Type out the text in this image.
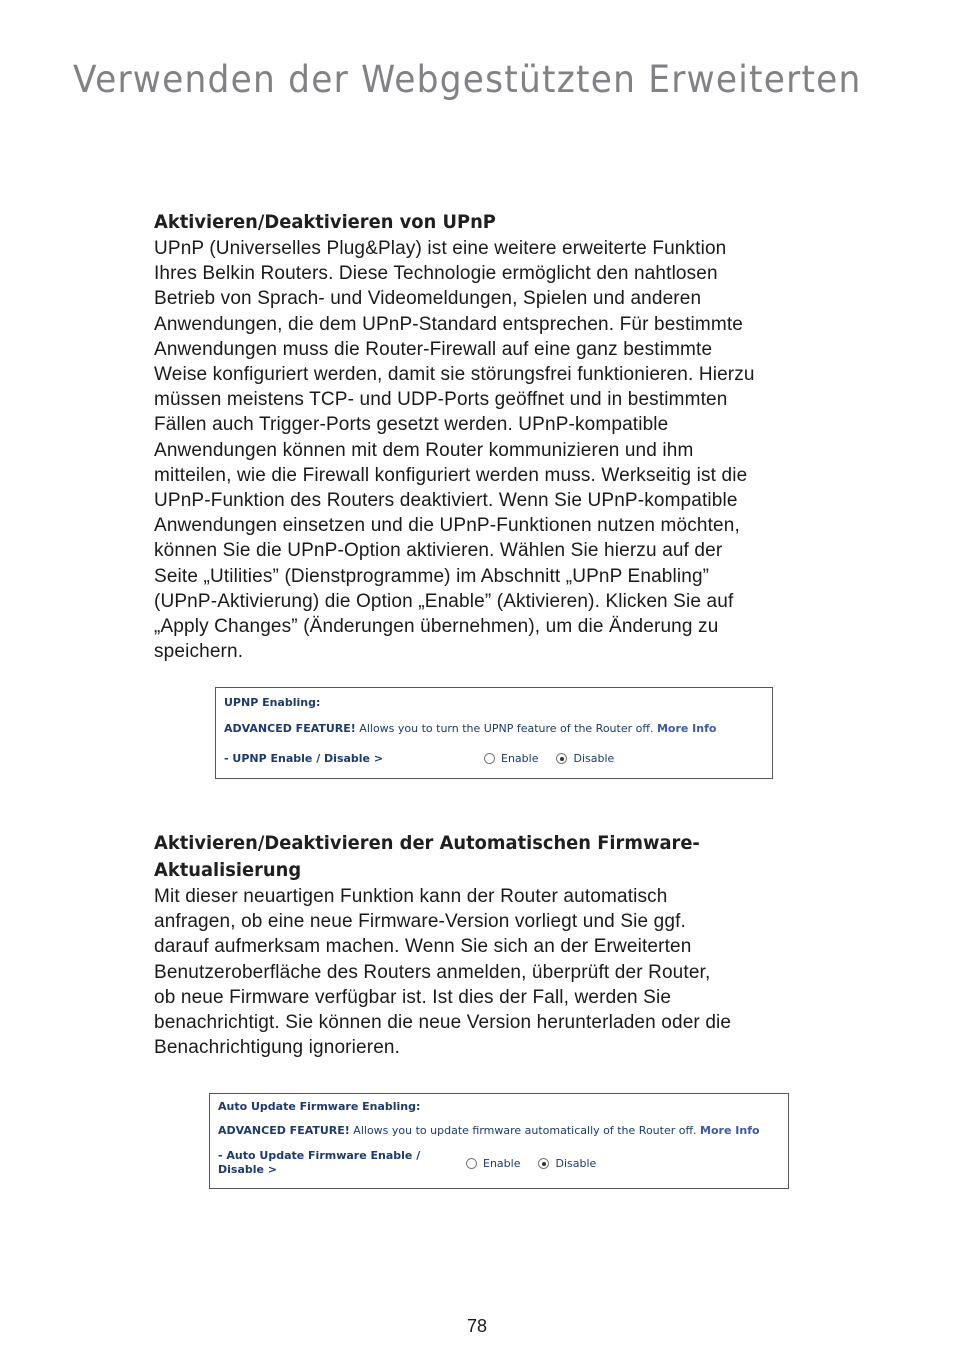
Verwenden der Webgestützten Erweiterten
Aktivieren/Deaktivieren von UPnP

UPnP (Universelles Plug&Play) ist eine weitere erweiterte Funktion
Ihres Belkin Routers. Diese Technologie ermöglicht den nahtlosen
Betrieb von Sprach- und Videomeldungen, Spielen und anderen
Anwendungen, die dem UPnP-Standard entsprechen. Für bestimmte
Anwendungen muss die Router-Firewall auf eine ganz bestimmte
Weise konfiguriert werden, damit sie störungsfrei funktionieren. Hierzu
müssen meistens TCP- und UDP-Ports geöffnet und in bestimmten
Fällen auch Trigger-Ports gesetzt werden. UPnP-kompatible
Anwendungen können mit dem Router kommunizieren und ihm
mitteilen, wie die Firewall konfiguriert werden muss. Werkseitig ist die
UPnP-Funktion des Routers deaktiviert. Wenn Sie UPnP-kompatible
Anwendungen einsetzen und die UPnP-Funktionen nutzen möchten,
können Sie die UPnP-Option aktivieren. Wählen Sie hierzu auf der
Seite „Utilities” (Dienstprogramme) im Abschnitt „UPnP Enabling”
(UPnP-Aktivierung) die Option „Enable” (Aktivieren). Klicken Sie auf
„Apply Changes” (Änderungen übernehmen), um die Änderung zu
speichern.

UPNP Enabling:
ADVANCED FEATURE! Allows you to turn the UPNP feature of the Router off. More Info
- UPNP Enable / Disable >	Enable	Disable
Aktivieren/Deaktivieren der Automatischen Firmware-
Aktualisierung

Mit dieser neuartigen Funktion kann der Router automatisch
anfragen, ob eine neue Firmware-Version vorliegt und Sie ggf.
darauf aufmerksam machen. Wenn Sie sich an der Erweiterten
Benutzeroberfläche des Routers anmelden, überprüft der Router,
ob neue Firmware verfügbar ist. Ist dies der Fall, werden Sie
benachrichtigt. Sie können die neue Version herunterladen oder die
Benachrichtigung ignorieren.

Auto Update Firmware Enabling:
ADVANCED FEATURE! Allows you to update firmware automatically of the Router off. More Info
- Auto Update Firmware Enable /
Disable >	Enable	Disable
78
